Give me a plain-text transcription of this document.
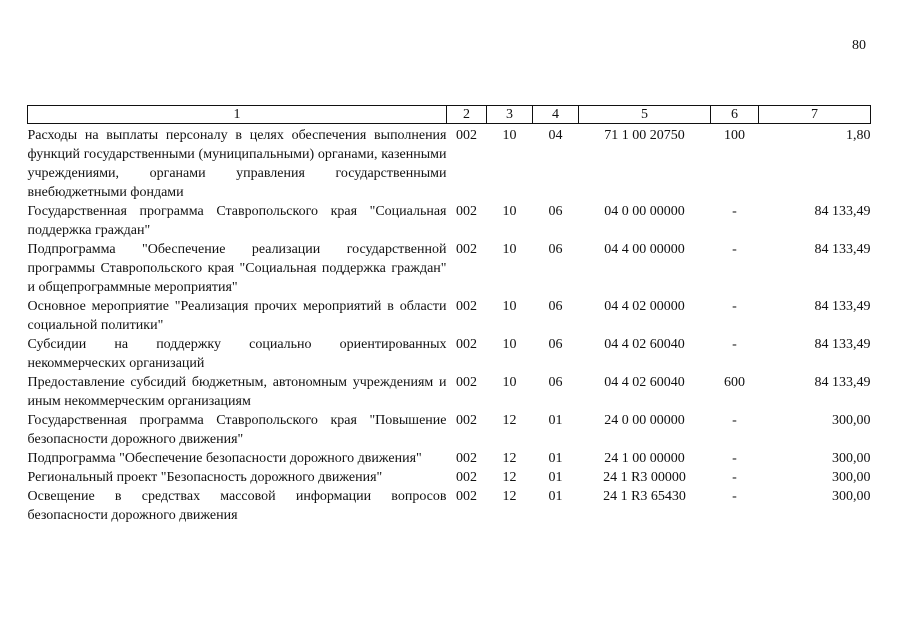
80
1	2	3	4	5	6	7
Расходы на выплаты персоналу в целях обеспечения выполнения функций государственными (муниципальными) органами, казенными учреждениями, органами управления государственными внебюджетными фондами	002	10	04	71 1 00 20750	100	1,80
Государственная программа Ставропольского края "Социальная поддержка граждан"	002	10	06	04 0 00 00000	-	84 133,49
Подпрограмма "Обеспечение реализации государственной программы Ставропольского края "Социальная поддержка граждан" и общепрограммные мероприятия"	002	10	06	04 4 00 00000	-	84 133,49
Основное мероприятие "Реализация прочих мероприятий в области социальной политики"	002	10	06	04 4 02 00000	-	84 133,49
Субсидии на поддержку социально ориентированных некоммерческих организаций	002	10	06	04 4 02 60040	-	84 133,49
Предоставление субсидий бюджетным, автономным учреждениям и иным некоммерческим организациям	002	10	06	04 4 02 60040	600	84 133,49
Государственная программа Ставропольского края "Повышение безопасности дорожного движения"	002	12	01	24 0 00 00000	-	300,00
Подпрограмма "Обеспечение безопасности дорожного движения"	002	12	01	24 1 00 00000	-	300,00
Региональный проект "Безопасность дорожного движения"	002	12	01	24 1 R3 00000	-	300,00
Освещение в средствах массовой информации вопросов безопасности дорожного движения	002	12	01	24 1 R3 65430	-	300,00
